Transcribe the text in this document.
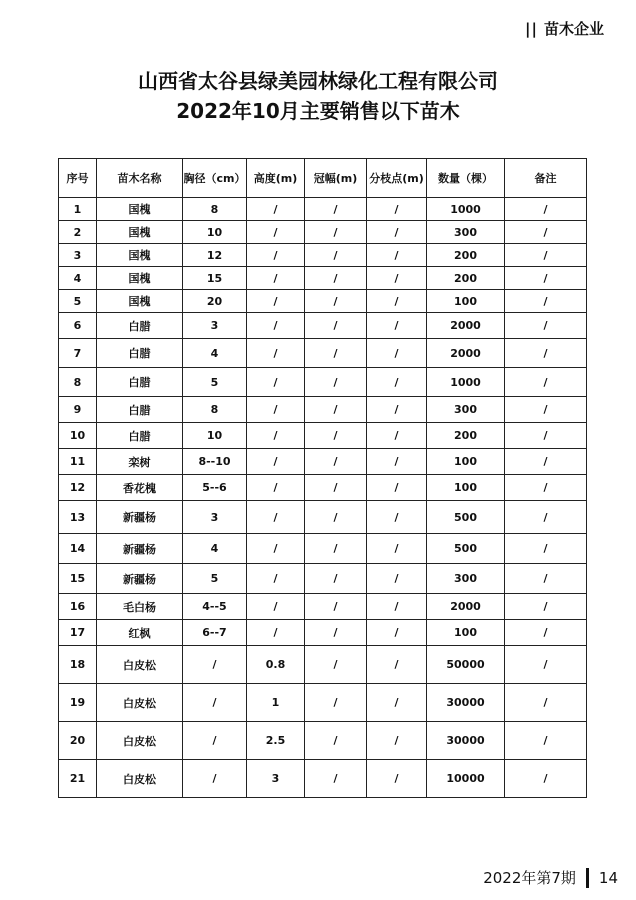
|| 苗木企业
山西省太谷县绿美园林绿化工程有限公司
2022年10月主要销售以下苗木
序号	苗木名称	胸径（cm）	高度(m)	冠幅(m)	分枝点(m)	数量（棵）	备注
1	国槐	8	/	/	/	1000	/
2	国槐	10	/	/	/	300	/
3	国槐	12	/	/	/	200	/
4	国槐	15	/	/	/	200	/
5	国槐	20	/	/	/	100	/
6	白腊	3	/	/	/	2000	/
7	白腊	4	/	/	/	2000	/
8	白腊	5	/	/	/	1000	/
9	白腊	8	/	/	/	300	/
10	白腊	10	/	/	/	200	/
11	栾树	8--10	/	/	/	100	/
12	香花槐	5--6	/	/	/	100	/
13	新疆杨	3	/	/	/	500	/
14	新疆杨	4	/	/	/	500	/
15	新疆杨	5	/	/	/	300	/
16	毛白杨	4--5	/	/	/	2000	/
17	红枫	6--7	/	/	/	100	/
18	白皮松	/	0.8	/	/	50000	/
19	白皮松	/	1	/	/	30000	/
20	白皮松	/	2.5	/	/	30000	/
21	白皮松	/	3	/	/	10000	/
2022年第7期 14
